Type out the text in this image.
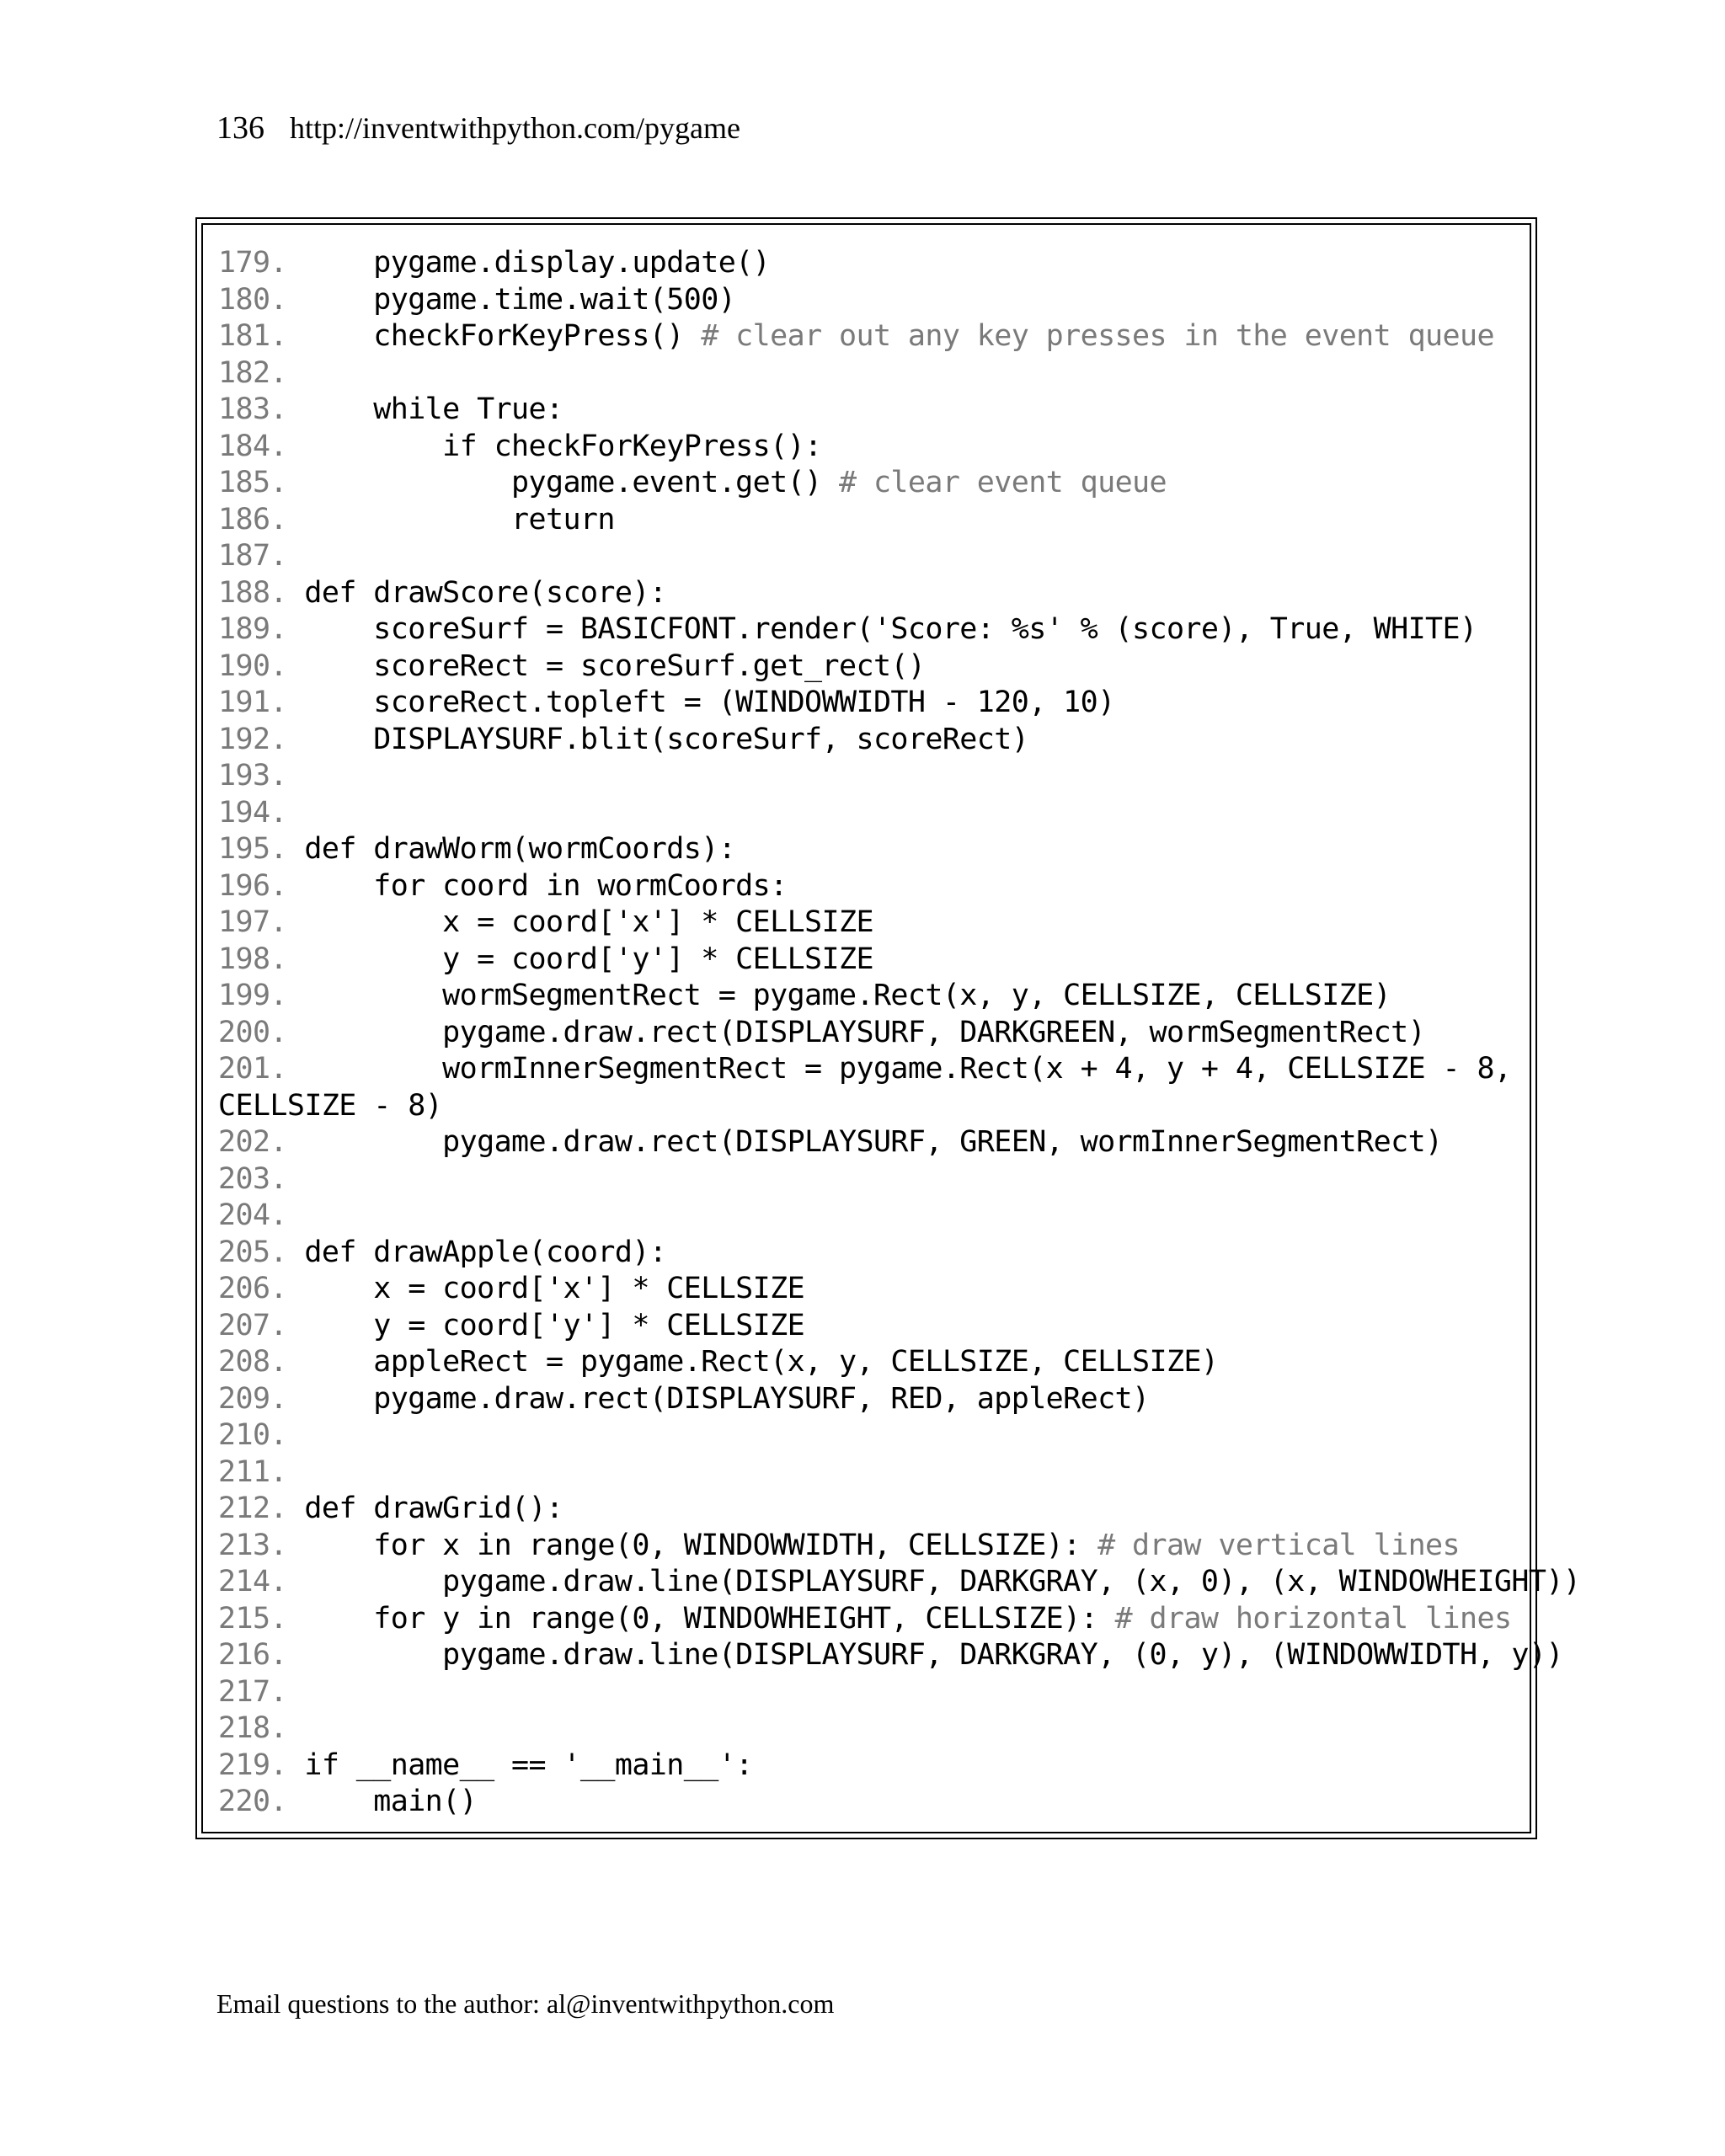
136 http://inventwithpython.com/pygame
179.     pygame.display.update()
180.     pygame.time.wait(500)
181.     checkForKeyPress() # clear out any key presses in the event queue
182.
183.     while True:
184.         if checkForKeyPress():
185.             pygame.event.get() # clear event queue
186.             return
187.
188. def drawScore(score):
189.     scoreSurf = BASICFONT.render('Score: %s' % (score), True, WHITE)
190.     scoreRect = scoreSurf.get_rect()
191.     scoreRect.topleft = (WINDOWWIDTH - 120, 10)
192.     DISPLAYSURF.blit(scoreSurf, scoreRect)
193.
194.
195. def drawWorm(wormCoords):
196.     for coord in wormCoords:
197.         x = coord['x'] * CELLSIZE
198.         y = coord['y'] * CELLSIZE
199.         wormSegmentRect = pygame.Rect(x, y, CELLSIZE, CELLSIZE)
200.         pygame.draw.rect(DISPLAYSURF, DARKGREEN, wormSegmentRect)
201.         wormInnerSegmentRect = pygame.Rect(x + 4, y + 4, CELLSIZE - 8,
CELLSIZE - 8)
202.         pygame.draw.rect(DISPLAYSURF, GREEN, wormInnerSegmentRect)
203.
204.
205. def drawApple(coord):
206.     x = coord['x'] * CELLSIZE
207.     y = coord['y'] * CELLSIZE
208.     appleRect = pygame.Rect(x, y, CELLSIZE, CELLSIZE)
209.     pygame.draw.rect(DISPLAYSURF, RED, appleRect)
210.
211.
212. def drawGrid():
213.     for x in range(0, WINDOWWIDTH, CELLSIZE): # draw vertical lines
214.         pygame.draw.line(DISPLAYSURF, DARKGRAY, (x, 0), (x, WINDOWHEIGHT))
215.     for y in range(0, WINDOWHEIGHT, CELLSIZE): # draw horizontal lines
216.         pygame.draw.line(DISPLAYSURF, DARKGRAY, (0, y), (WINDOWWIDTH, y))
217.
218.
219. if __name__ == '__main__':
220.     main()
Email questions to the author: al@inventwithpython.com
